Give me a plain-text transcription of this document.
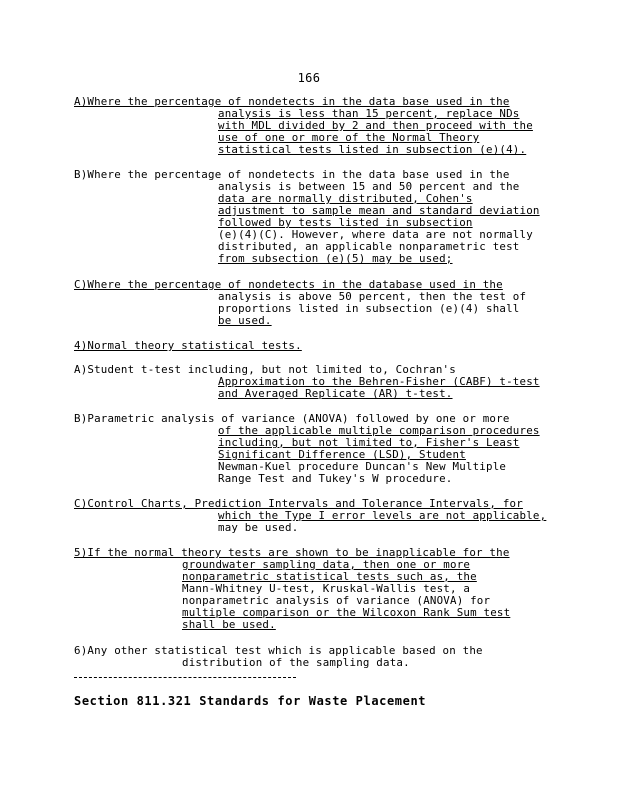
166
A)Where the percentage of nondetects in the data base used in the
analysis is less than 15 percent, replace NDs
with MDL divided by 2 and then proceed with the
use of one or more of the Normal Theory
statistical tests listed in subsection (e)(4).
B)Where the percentage of nondetects in the data base used in the
analysis is between 15 and 50 percent and the
data are normally distributed, Cohen's
adjustment to sample mean and standard deviation
followed by tests listed in subsection
(e)(4)(C). However, where data are not normally
distributed, an applicable nonparametric test
from subsection (e)(5) may be used;
C)Where the percentage of nondetects in the database used in the
analysis is above 50 percent, then the test of
proportions listed in subsection (e)(4) shall
be used.
4)Normal theory statistical tests.
A)Student t-test including, but not limited to, Cochran's
Approximation to the Behren-Fisher (CABF) t-test
and Averaged Replicate (AR) t-test.
B)Parametric analysis of variance (ANOVA) followed by one or more
of the applicable multiple comparison procedures
including, but not limited to, Fisher's Least
Significant Difference (LSD), Student
Newman-Kuel procedure Duncan's New Multiple
Range Test and Tukey's W procedure.
C)Control Charts, Prediction Intervals and Tolerance Intervals, for
which the Type I error levels are not applicable,
may be used.
5)If the normal theory tests are shown to be inapplicable for the
groundwater sampling data, then one or more
nonparametric statistical tests such as, the
Mann-Whitney U-test, Kruskal-Wallis test, a
nonparametric analysis of variance (ANOVA) for
multiple comparison or the Wilcoxon Rank Sum test
shall be used.
6)Any other statistical test which is applicable based on the
distribution of the sampling data.
Section 811.321 Standards for Waste Placement
